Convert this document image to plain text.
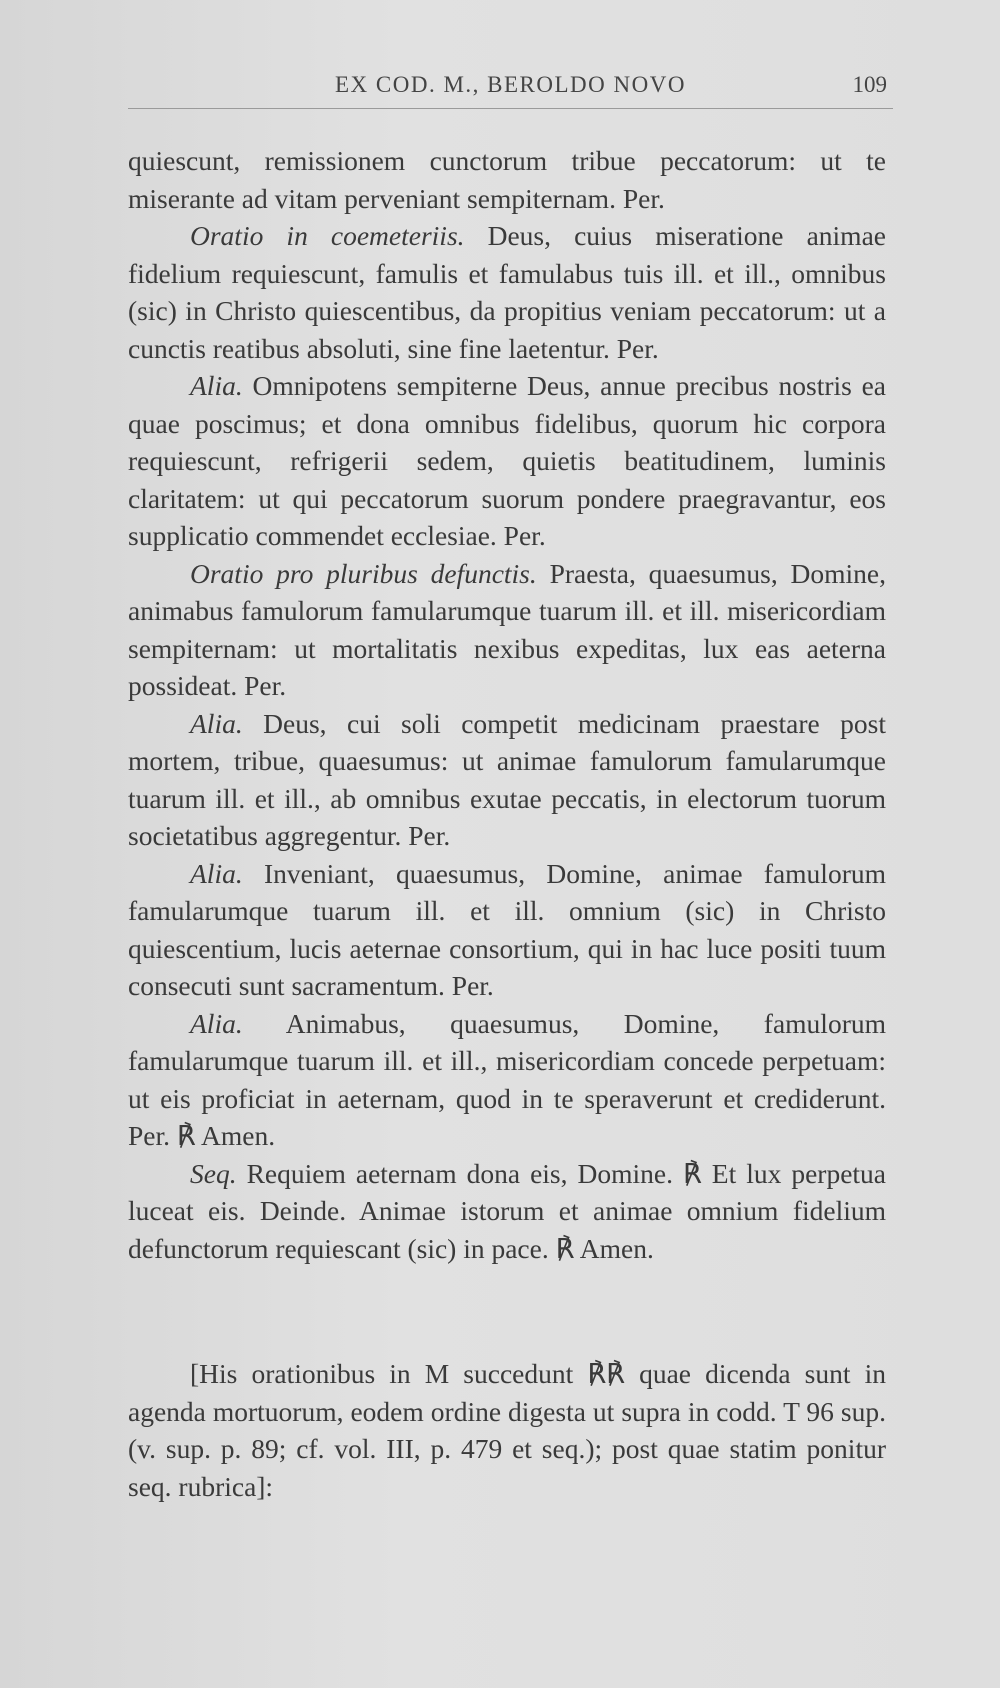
EX COD. M., BEROLDO NOVO	109

quiescunt, remissionem cunctorum tribue peccatorum: ut te miserante ad vitam perveniant sempiternam. Per.

Oratio in coemeteriis. Deus, cuius miseratione animae fidelium requiescunt, famulis et famulabus tuis ill. et ill., omnibus (sic) in Christo quiescentibus, da propitius veniam peccatorum: ut a cunctis reatibus absoluti, sine fine laetentur. Per.

Alia. Omnipotens sempiterne Deus, annue precibus nostris ea quae poscimus; et dona omnibus fidelibus, quorum hic corpora requiescunt, refrigerii sedem, quietis beatitudinem, luminis claritatem: ut qui peccatorum suorum pondere praegravantur, eos supplicatio commendet ecclesiae. Per.

Oratio pro pluribus defunctis. Praesta, quaesumus, Domine, animabus famulorum famularumque tuarum ill. et ill. misericordiam sempiternam: ut mortalitatis nexibus expeditas, lux eas aeterna possideat. Per.

Alia. Deus, cui soli competit medicinam praestare post mortem, tribue, quaesumus: ut animae famulorum famularumque tuarum ill. et ill., ab omnibus exutae peccatis, in electorum tuorum societatibus aggregentur. Per.

Alia. Inveniant, quaesumus, Domine, animae famulorum famularumque tuarum ill. et ill. omnium (sic) in Christo quiescentium, lucis aeternae consortium, qui in hac luce positi tuum consecuti sunt sacramentum. Per.

Alia. Animabus, quaesumus, Domine, famulorum famularumque tuarum ill. et ill., misericordiam concede perpetuam: ut eis proficiat in aeternam, quod in te speraverunt et crediderunt. Per. ℟ Amen.

Seq. Requiem aeternam dona eis, Domine. ℟ Et lux perpetua luceat eis. Deinde. Animae istorum et animae omnium fidelium defunctorum requiescant (sic) in pace. ℟ Amen.

[His orationibus in M succedunt ℟℟ quae dicenda sunt in agenda mortuorum, eodem ordine digesta ut supra in codd. T 96 sup. (v. sup. p. 89; cf. vol. III, p. 479 et seq.); post quae statim ponitur seq. rubrica]:
